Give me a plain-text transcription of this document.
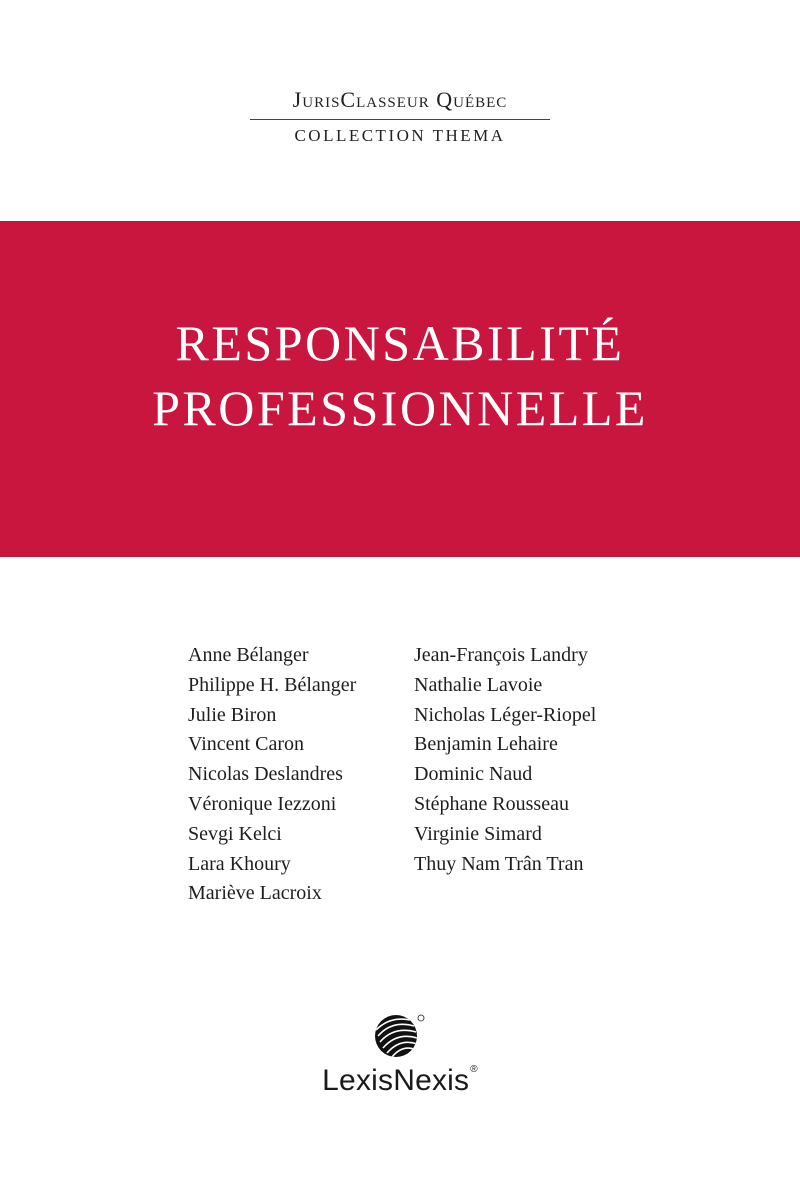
JurisClasseur Québec
COLLECTION THEMA
RESPONSABILITÉ
PROFESSIONNELLE
Anne Bélanger
Philippe H. Bélanger
Julie Biron
Vincent Caron
Nicolas Deslandres
Véronique Iezzoni
Sevgi Kelci
Lara Khoury
Mariève Lacroix
Jean-François Landry
Nathalie Lavoie
Nicholas Léger-Riopel
Benjamin Lehaire
Dominic Naud
Stéphane Rousseau
Virginie Simard
Thuy Nam Trân Tran
LexisNexis®
